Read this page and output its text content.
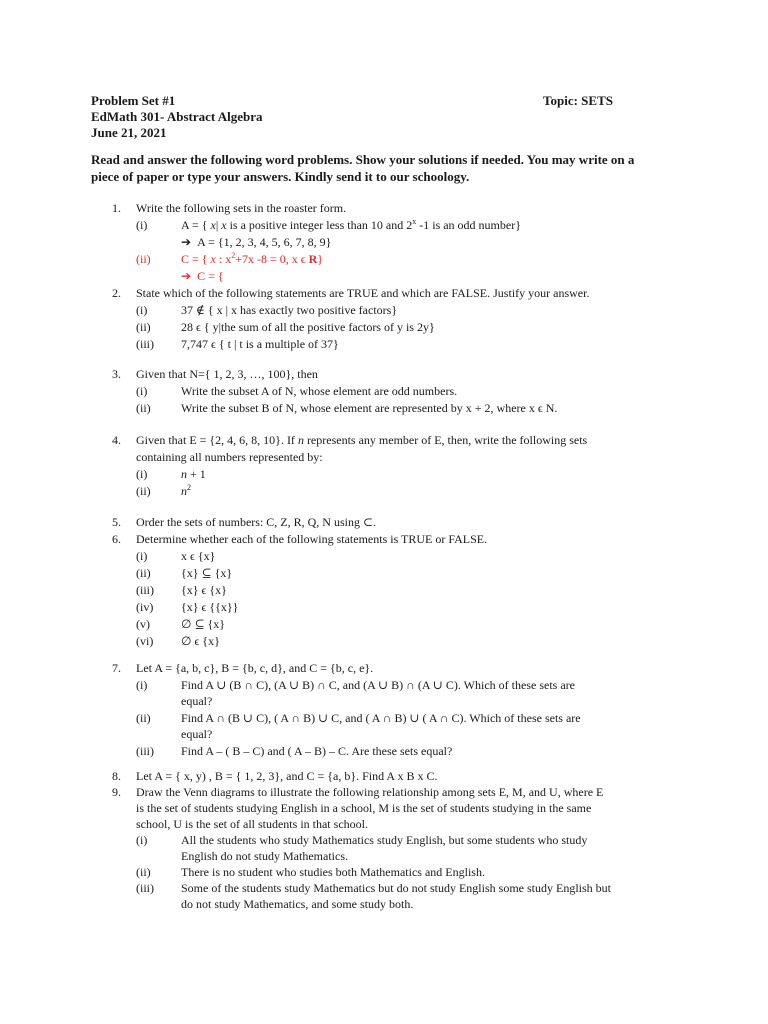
Problem Set #1
EdMath 301- Abstract Algebra
June 21, 2021
Topic: SETS
Read and answer the following word problems. Show your solutions if needed. You may write on a
piece of paper or type your answers. Kindly send it to our schoology.
1. Write the following sets in the roaster form.
(i)	A = { x| x is a positive integer less than 10 and 2$^x$ -1 is an odd number}
➔ A = {1, 2, 3, 4, 5, 6, 7, 8, 9}
(ii)	C = { x : $x^2+7x$ -8 = 0, x ϵ R}
➔ C = {
2. State which of the following statements are TRUE and which are FALSE. Justify your answer.
(i)	37 ∉ { x | x has exactly two positive factors}
(ii)	28 ϵ { y|the sum of all the positive factors of y is 2y}
(iii) 7,747 ϵ { t | t is a multiple of 37}
3. Given that N={ 1, 2, 3, …, 100}, then
(i)	Write the subset A of N, whose element are odd numbers.
(ii)	Write the subset B of N, whose element are represented by x + 2, where x ϵ N.
4. Given that E = {2, 4, 6, 8, 10}. If n represents any member of E, then, write the following sets
containing all numbers represented by:
(i)	n + 1
(ii)	$n^2$
5. Order the sets of numbers: C, Z, R, Q, N using ⊂.
6. Determine whether each of the following statements is TRUE or FALSE.
(i)	x ϵ {x}
(ii)	{x} ⊆ {x}
(iii) {x} ϵ {x}
(iv) {x} ϵ {{x}}
(v)	∅ ⊆ {x}
(vi) ∅ ϵ {x}
7. Let A = {a, b, c}, B = {b, c, d}, and C = {b, c, e}.
(i)	Find A ∪ (B ∩ C), (A ∪ B) ∩ C, and (A ∪ B) ∩ (A ∪ C). Which of these sets are
equal?
(ii)	Find A ∩ (B ∪ C), ( A ∩ B) ∪ C, and ( A ∩ B) ∪ ( A ∩ C). Which of these sets are
equal?
(iii) Find A – ( B – C) and ( A – B) – C. Are these sets equal?
8. Let A = { x, y) , B = { 1, 2, 3}, and C = {a, b}. Find A x B x C.
9. Draw the Venn diagrams to illustrate the following relationship among sets E, M, and U, where E
is the set of students studying English in a school, M is the set of students studying in the same
school, U is the set of all students in that school.
(i)	All the students who study Mathematics study English, but some students who study
English do not study Mathematics.
(ii)	There is no student who studies both Mathematics and English.
(iii) Some of the students study Mathematics but do not study English some study English but
do not study Mathematics, and some study both.
